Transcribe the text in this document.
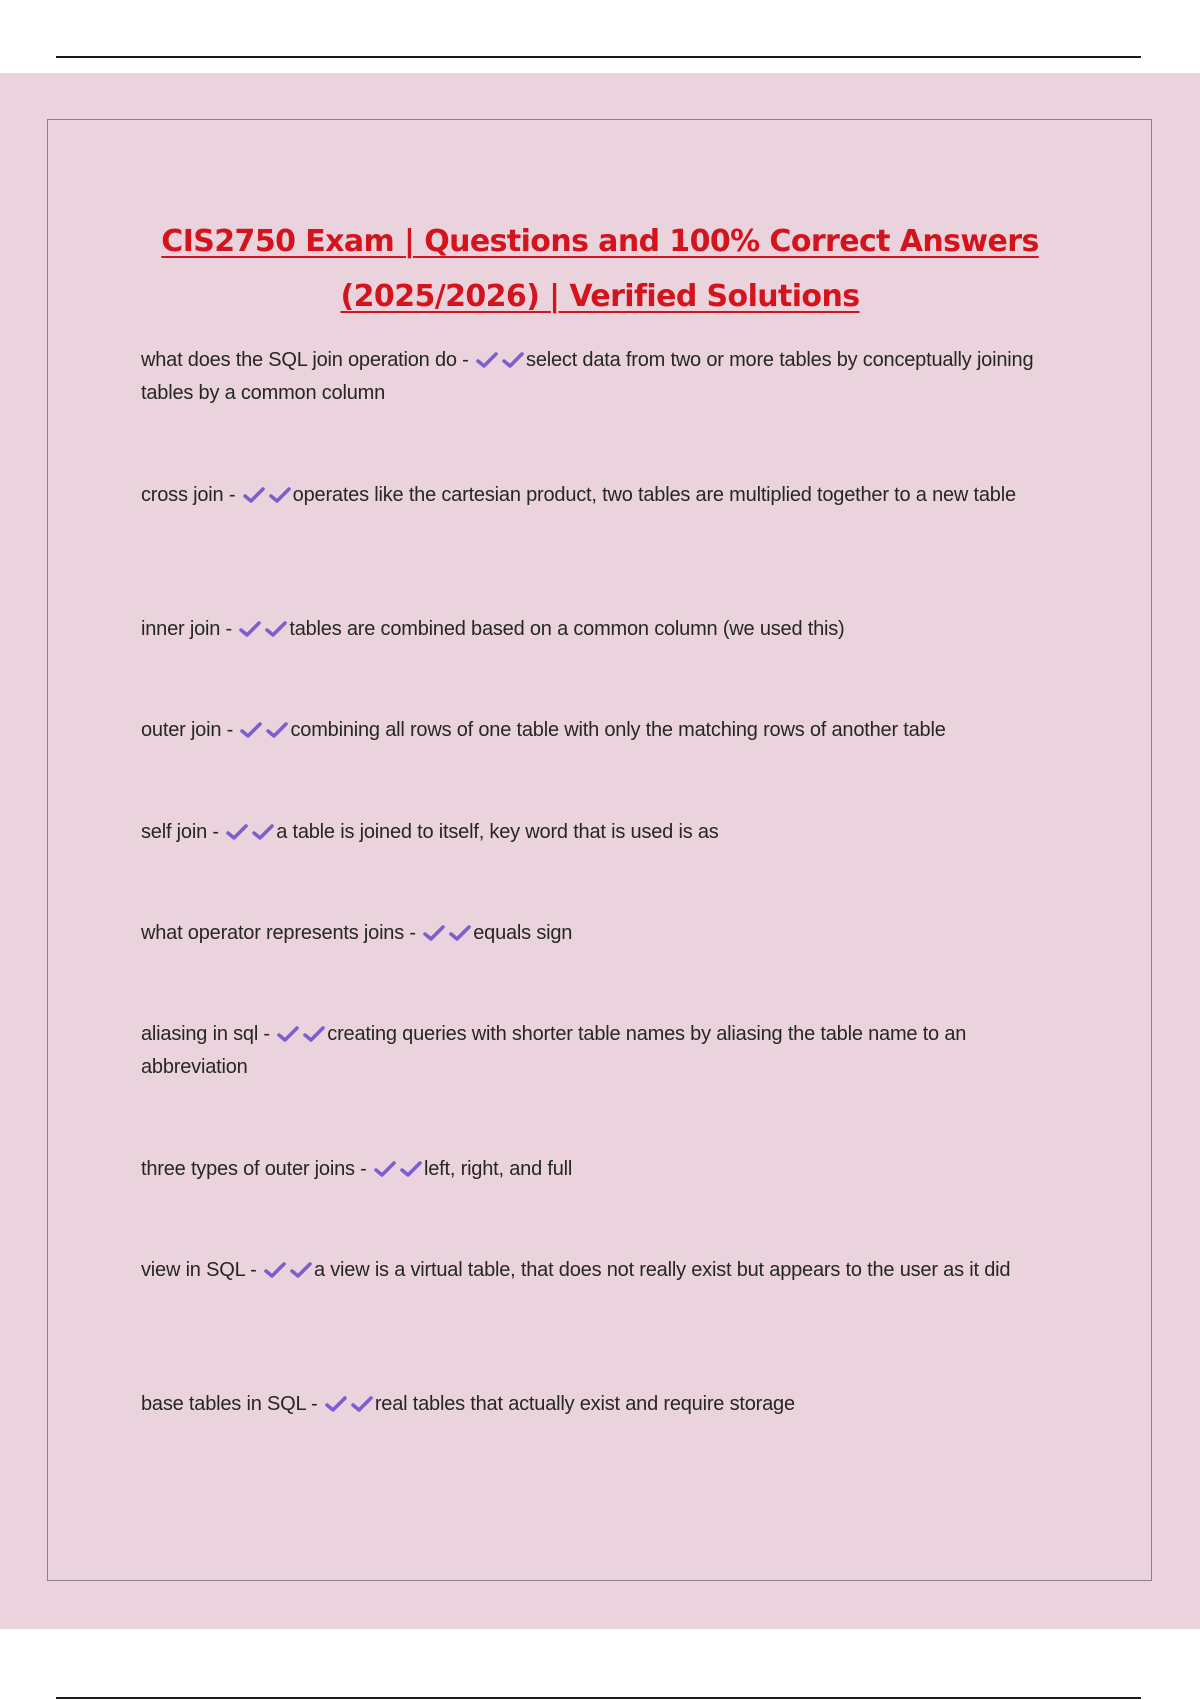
CIS2750 Exam | Questions and 100% Correct Answers
(2025/2026) | Verified Solutions

what does the SQL join operation do -	select data from two or more tables by conceptually joining tables by a common column

cross join -	operates like the cartesian product, two tables are multiplied together to a new table

inner join -	tables are combined based on a common column (we used this)

outer join -	combining all rows of one table with only the matching rows of another table

self join -	a table is joined to itself, key word that is used is as

what operator represents joins -	equals sign

aliasing in sql -	creating queries with shorter table names by aliasing the table name to an abbreviation

three types of outer joins -	left, right, and full

view in SQL -	a view is a virtual table, that does not really exist but appears to the user as it did

base tables in SQL -	real tables that actually exist and require storage
